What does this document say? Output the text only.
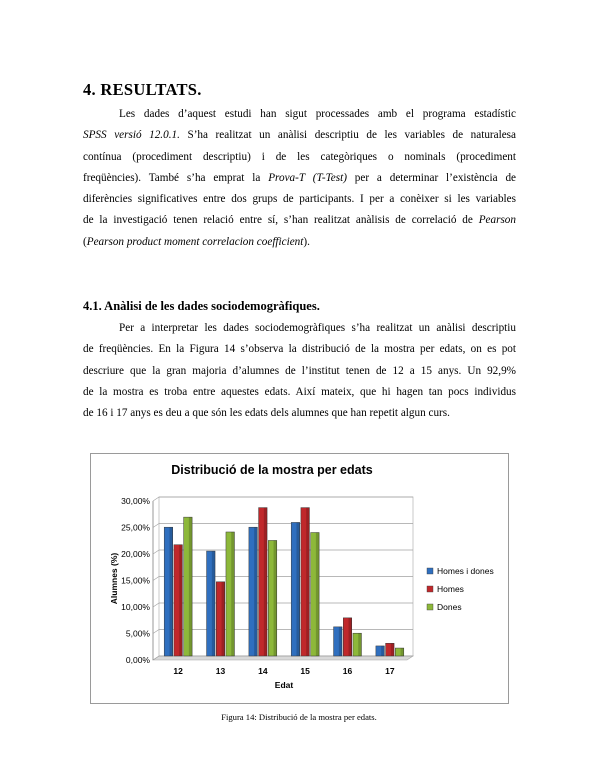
4. RESULTATS.
Les dades d’aquest estudi han sigut processades amb el programa estadístic
SPSS versió 12.0.1. S’ha realitzat un anàlisi descriptiu de les variables de naturalesa
contínua (procediment descriptiu) i de les categòriques o nominals (procediment
freqüències). També s’ha emprat la Prova-T (T-Test) per a determinar l’existència de
diferències significatives entre dos grups de participants. I per a conèixer si les variables
de la investigació tenen relació entre sí, s’han realitzat anàlisis de correlació de Pearson
(Pearson product moment correlacion coefficient).
4.1. Anàlisi de les dades sociodemogràfiques.
Per a interpretar les dades sociodemogràfiques s’ha realitzat un anàlisi descriptiu
de freqüències. En la Figura 14 s’observa la distribució de la mostra per edats, on es pot
descriure que la gran majoria d’alumnes de l’institut tenen de 12 a 15 anys. Un 92,9%
de la mostra es troba entre aquestes edats. Així mateix, que hi hagen tan pocs individus
de 16 i 17 anys es deu a que són les edats dels alumnes que han repetit algun curs.
0,00%
5,00%
10,00%
15,00%
20,00%
25,00%
30,00%
12	13	14	15	16	17
Distribució de la mostra per edats
Edat
Alumnes (%)	Homes i dones
Homes
Dones
Figura 14: Distribució de la mostra per edats.
